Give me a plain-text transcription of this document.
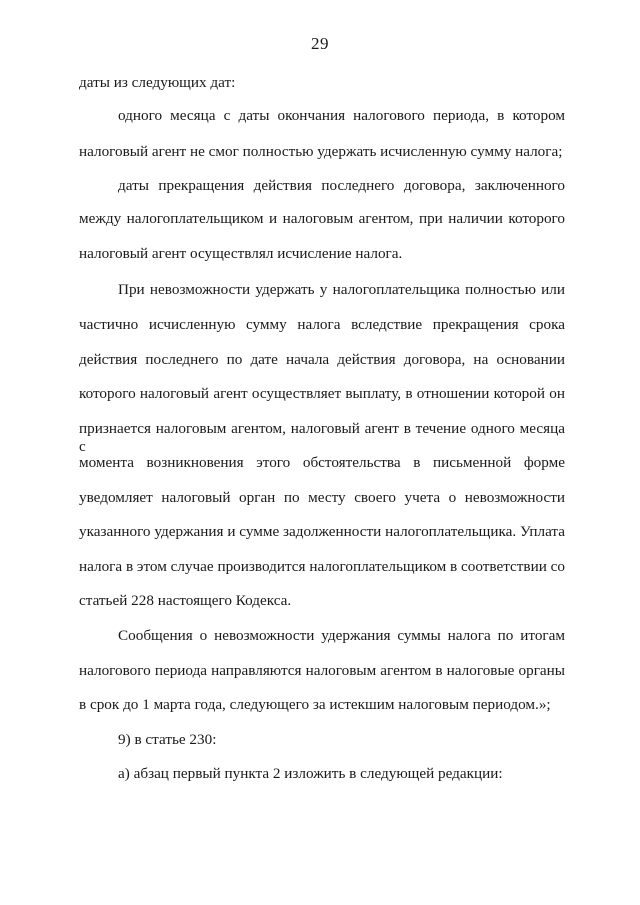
29
даты из следующих дат:
одного месяца с даты окончания налогового периода, в котором
налоговый агент не смог полностью удержать исчисленную сумму налога;
даты прекращения действия последнего договора, заключенного
между налогоплательщиком и налоговым агентом, при наличии которого
налоговый агент осуществлял исчисление налога.
При невозможности удержать у налогоплательщика полностью или
частично исчисленную сумму налога вследствие прекращения срока
действия последнего по дате начала действия договора, на основании
которого налоговый агент осуществляет выплату, в отношении которой он
признается налоговым агентом, налоговый агент в течение одного месяца с
момента возникновения этого обстоятельства в письменной форме
уведомляет налоговый орган по месту своего учета о невозможности
указанного удержания и сумме задолженности налогоплательщика. Уплата
налога в этом случае производится налогоплательщиком в соответствии со
статьей 228 настоящего Кодекса.
Сообщения о невозможности удержания суммы налога по итогам
налогового периода направляются налоговым агентом в налоговые органы
в срок до 1 марта года, следующего за истекшим налоговым периодом.»;
9) в статье 230:
а) абзац первый пункта 2 изложить в следующей редакции:
